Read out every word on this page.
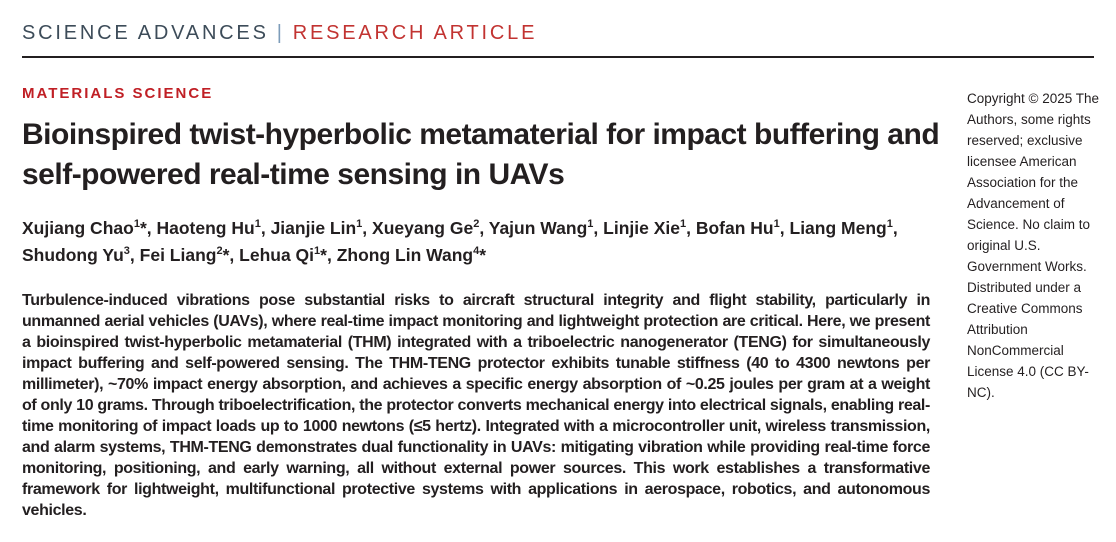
SCIENCE ADVANCES | RESEARCH ARTICLE
MATERIALS SCIENCE
Bioinspired twist-hyperbolic metamaterial for impact buffering and self-powered real-time sensing in UAVs

Xujiang Chao$^1$*, Haoteng Hu$^1$, Jianjie Lin$^1$, Xueyang Ge$^2$, Yajun Wang$^1$, Linjie Xie$^1$, Bofan Hu$^1$, Liang Meng$^1$, Shudong Yu$^3$, Fei Liang$^2$*, Lehua Qi$^1$*, Zhong Lin Wang$^4$*

Turbulence-induced vibrations pose substantial risks to aircraft structural integrity and flight stability, particularly in unmanned aerial vehicles (UAVs), where real-time impact monitoring and lightweight protection are critical. Here, we present a bioinspired twist-hyperbolic metamaterial (THM) integrated with a triboelectric nanogenerator (TENG) for simultaneously impact buffering and self-powered sensing. The THM-TENG protector exhibits tunable stiffness (40 to 4300 newtons per millimeter), ~70% impact energy absorption, and achieves a specific energy absorption of ~0.25 joules per gram at a weight of only 10 grams. Through triboelectrification, the protector converts mechanical energy into electrical signals, enabling real-time monitoring of impact loads up to 1000 newtons (≤5 hertz). Integrated with a microcontroller unit, wireless transmission, and alarm systems, THM-TENG demonstrates dual functionality in UAVs: mitigating vibration while providing real-time force monitoring, positioning, and early warning, all without external power sources. This work establishes a transformative framework for lightweight, multifunctional protective systems with applications in aerospace, robotics, and autonomous vehicles.

Copyright © 2025 The Authors, some rights reserved; exclusive licensee American Association for the Advancement of Science. No claim to original U.S. Government Works. Distributed under a Creative Commons Attribution NonCommercial License 4.0 (CC BY-NC).
